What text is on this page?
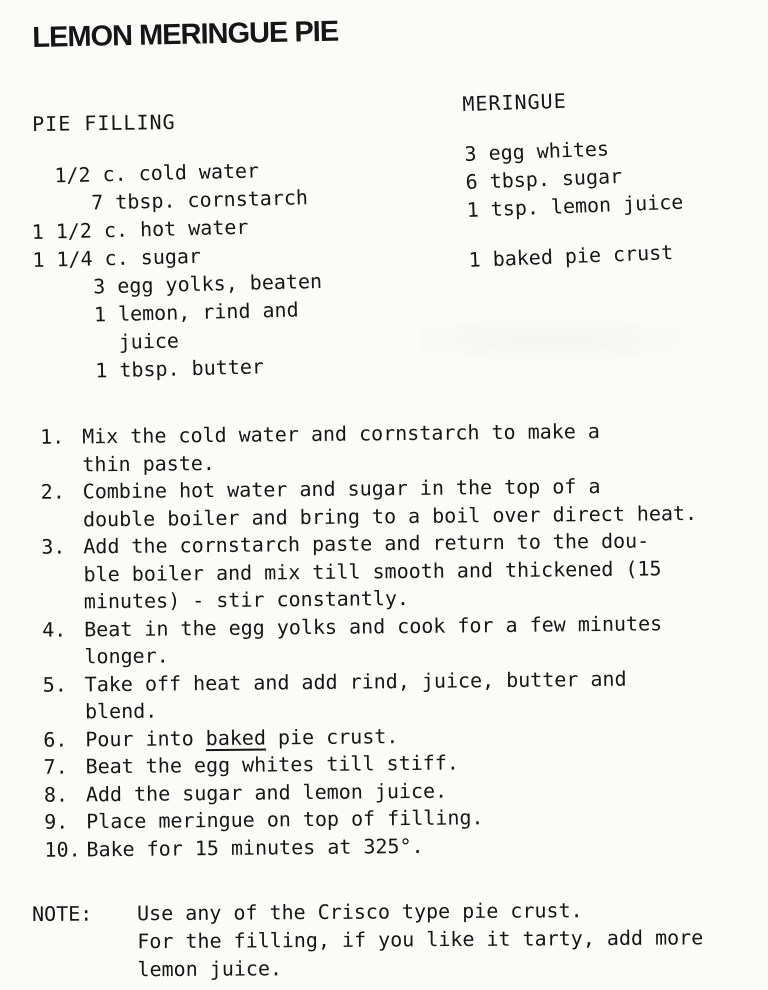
LEMON MERINGUE PIE
PIE FILLING
MERINGUE
1/2 c. cold water
7 tbsp. cornstarch
1 1/2 c. hot water
1 1/4 c. sugar
3 egg yolks, beaten
1 lemon, rind and
juice
1 tbsp. butter
3 egg whites
6 tbsp. sugar
1 tsp. lemon juice
1 baked pie crust
1. Mix the cold water and cornstarch to make a
thin paste.
2. Combine hot water and sugar in the top of a
double boiler and bring to a boil over direct heat.
3. Add the cornstarch paste and return to the dou-
ble boiler and mix till smooth and thickened (15
minutes) - stir constantly.
4. Beat in the egg yolks and cook for a few minutes
longer.
5. Take off heat and add rind, juice, butter and
blend.
6. Pour into baked pie crust.
7. Beat the egg whites till stiff.
8. Add the sugar and lemon juice.
9. Place meringue on top of filling.
10. Bake for 15 minutes at 325°.
NOTE:	Use any of the Crisco type pie crust.
For the filling, if you like it tarty, add more
lemon juice.
